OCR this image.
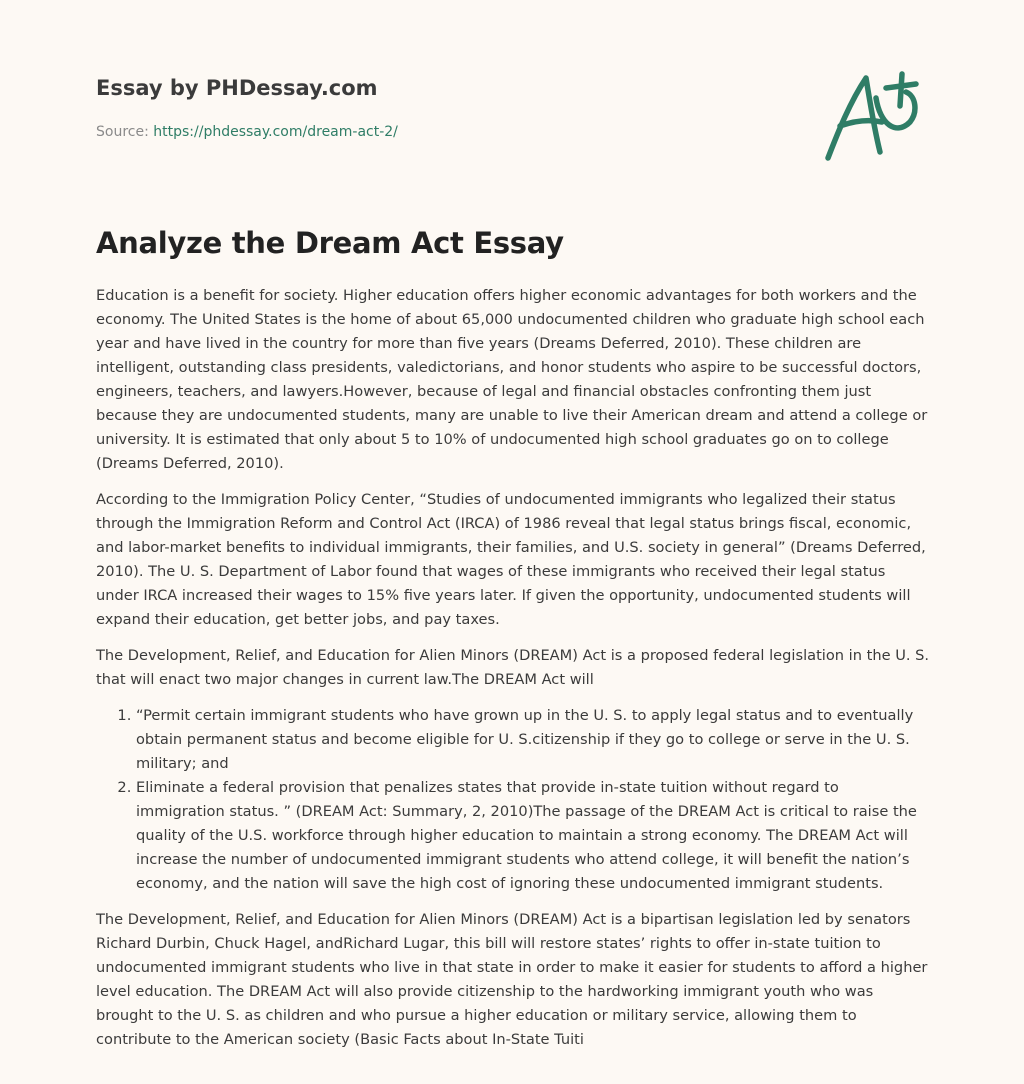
Essay by PHDessay.com
Source: https://phdessay.com/dream-act-2/
Analyze the Dream Act Essay

Education is a benefit for society. Higher education offers higher economic advantages for both workers and the economy. The United States is the home of about 65,000 undocumented children who graduate high school each year and have lived in the country for more than five years (Dreams Deferred, 2010). These children are intelligent, outstanding class presidents, valedictorians, and honor students who aspire to be successful doctors, engineers, teachers, and lawyers.However, because of legal and financial obstacles confronting them just because they are undocumented students, many are unable to live their American dream and attend a college or university. It is estimated that only about 5 to 10% of undocumented high school graduates go on to college (Dreams Deferred, 2010).

According to the Immigration Policy Center, “Studies of undocumented immigrants who legalized their status through the Immigration Reform and Control Act (IRCA) of 1986 reveal that legal status brings fiscal, economic, and labor-market benefits to individual immigrants, their families, and U.S. society in general” (Dreams Deferred, 2010). The U. S. Department of Labor found that wages of these immigrants who received their legal status under IRCA increased their wages to 15% five years later. If given the opportunity, undocumented students will expand their education, get better jobs, and pay taxes.

The Development, Relief, and Education for Alien Minors (DREAM) Act is a proposed federal legislation in the U. S. that will enact two major changes in current law.The DREAM Act will

1. “Permit certain immigrant students who have grown up in the U. S. to apply legal status and to eventually obtain permanent status and become eligible for U. S.citizenship if they go to college or serve in the U. S. military; and
2. Eliminate a federal provision that penalizes states that provide in-state tuition without regard to immigration status. ” (DREAM Act: Summary, 2, 2010)The passage of the DREAM Act is critical to raise the quality of the U.S. workforce through higher education to maintain a strong economy. The DREAM Act will increase the number of undocumented immigrant students who attend college, it will benefit the nation’s economy, and the nation will save the high cost of ignoring these undocumented immigrant students.

The Development, Relief, and Education for Alien Minors (DREAM) Act is a bipartisan legislation led by senators Richard Durbin, Chuck Hagel, andRichard Lugar, this bill will restore states’ rights to offer in-state tuition to undocumented immigrant students who live in that state in order to make it easier for students to afford a higher level education. The DREAM Act will also provide citizenship to the hardworking immigrant youth who was brought to the U. S. as children and who pursue a higher education or military service, allowing them to contribute to the American society (Basic Facts about In-State Tuiti
